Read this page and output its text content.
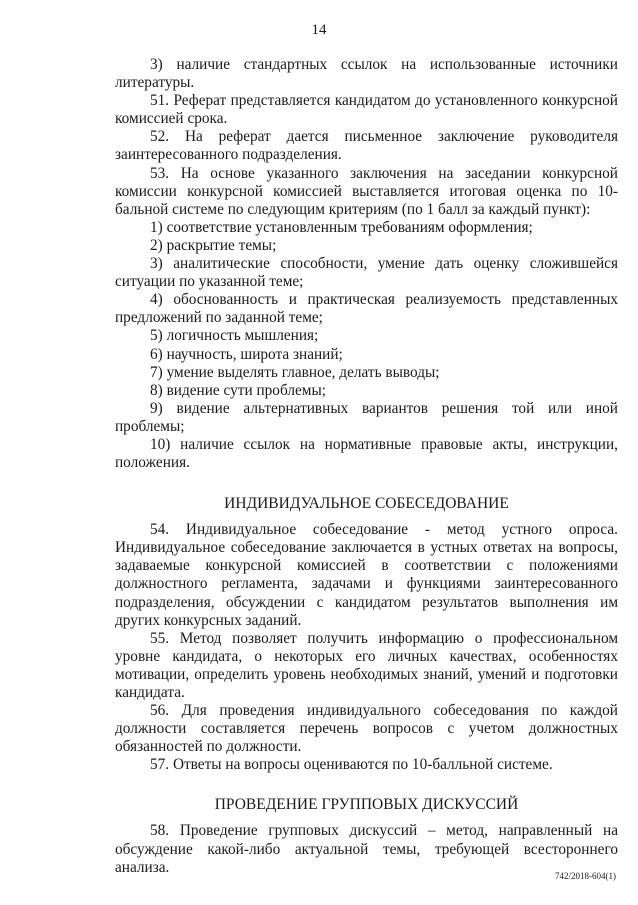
14

3) наличие стандартных ссылок на использованные источники литературы.

51. Реферат представляется кандидатом до установленного конкурсной комиссией срока.

52. На реферат дается письменное заключение руководителя заинтересованного подразделения.

53. На основе указанного заключения на заседании конкурсной комиссии конкурсной комиссией выставляется итоговая оценка по 10-бальной системе по следующим критериям (по 1 балл за каждый пункт):

1) соответствие установленным требованиям оформления;

2) раскрытие темы;

3) аналитические способности, умение дать оценку сложившейся ситуации по указанной теме;

4) обоснованность и практическая реализуемость представленных предложений по заданной теме;

5) логичность мышления;

6) научность, широта знаний;

7) умение выделять главное, делать выводы;

8) видение сути проблемы;

9) видение альтернативных вариантов решения той или иной проблемы;

10) наличие ссылок на нормативные правовые акты, инструкции, положения.

ИНДИВИДУАЛЬНОЕ СОБЕСЕДОВАНИЕ

54. Индивидуальное собеседование - метод устного опроса. Индивидуальное собеседование заключается в устных ответах на вопросы, задаваемые конкурсной комиссией в соответствии с положениями должностного регламента, задачами и функциями заинтересованного подразделения, обсуждении с кандидатом результатов выполнения им других конкурсных заданий.

55. Метод позволяет получить информацию о профессиональном уровне кандидата, о некоторых его личных качествах, особенностях мотивации, определить уровень необходимых знаний, умений и подготовки кандидата.

56. Для проведения индивидуального собеседования по каждой должности составляется перечень вопросов с учетом должностных обязанностей по должности.

57. Ответы на вопросы оцениваются по 10-балльной системе.

ПРОВЕДЕНИЕ ГРУППОВЫХ ДИСКУССИЙ

58. Проведение групповых дискуссий – метод, направленный на обсуждение какой-либо актуальной темы, требующей всестороннего анализа.

742/2018-604(1)
